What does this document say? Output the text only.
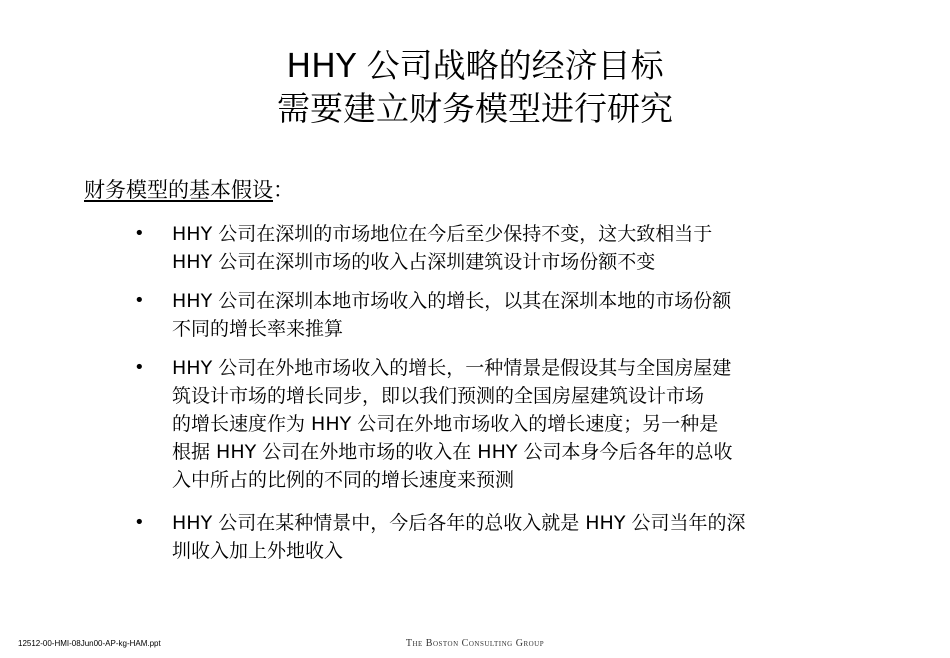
HHY 公司战略的经济目标
需要建立财务模型进行研究
财务模型的基本假设：
• HHY 公司在深圳的市场地位在今后至少保持不变，这大致相当于
HHY 公司在深圳市场的收入占深圳建筑设计市场份额不变
• HHY 公司在深圳本地市场收入的增长，以其在深圳本地的市场份额
不同的增长率来推算
• HHY 公司在外地市场收入的增长，一种情景是假设其与全国房屋建
筑设计市场的增长同步，即以我们预测的全国房屋建筑设计市场
的增长速度作为 HHY 公司在外地市场收入的增长速度；另一种是
根据 HHY 公司在外地市场的收入在 HHY 公司本身今后各年的总收
入中所占的比例的不同的增长速度来预测
• HHY 公司在某种情景中，今后各年的总收入就是 HHY 公司当年的深
圳收入加上外地收入
12512-00-HMI-08Jun00-AP-kg-HAM.ppt	The Boston Consulting Group
